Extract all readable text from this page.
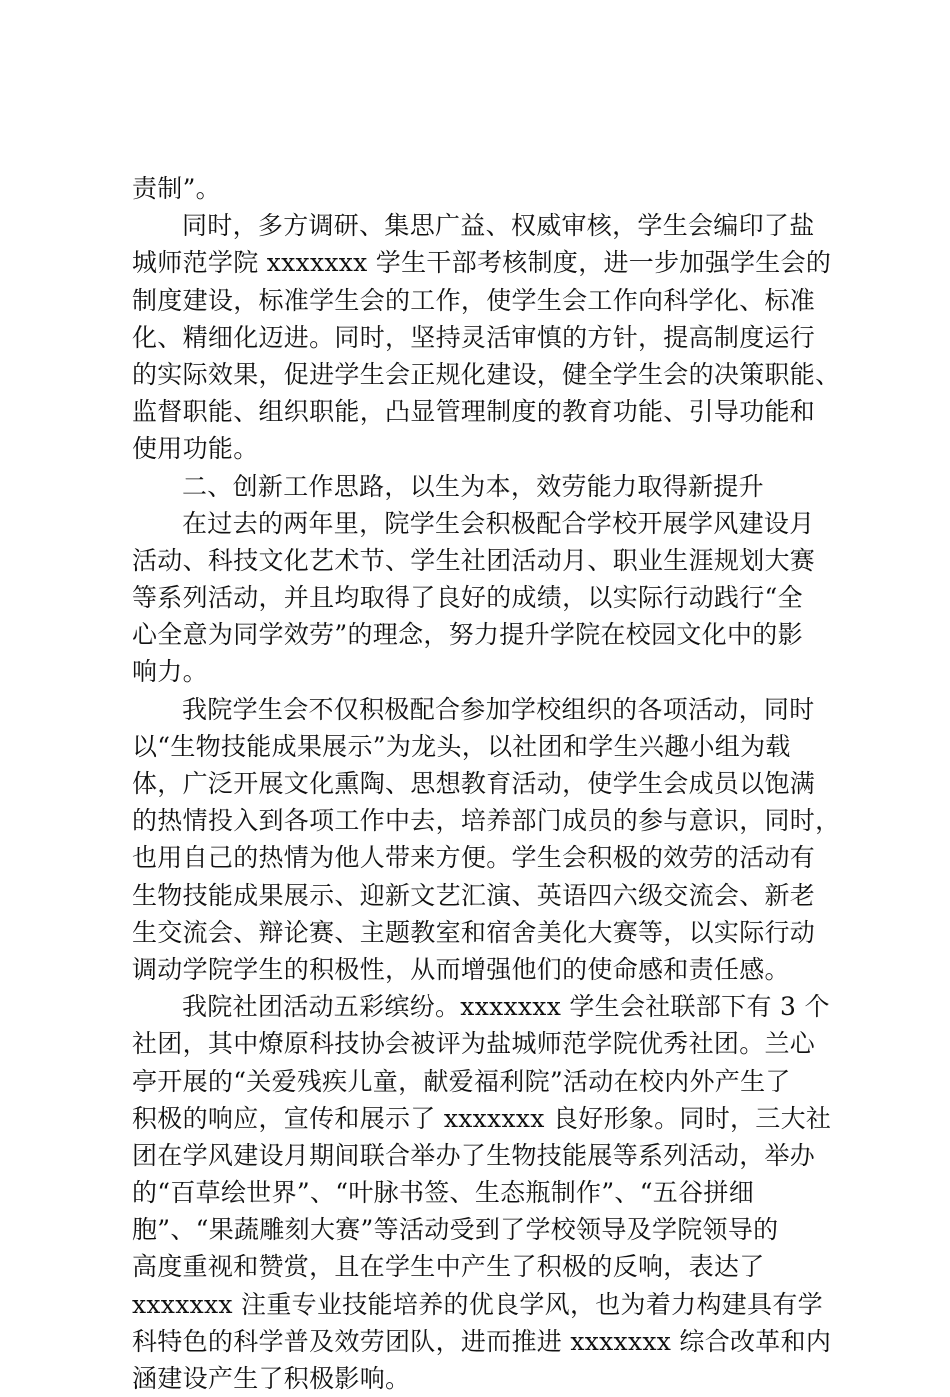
责制”。
同时，多方调研、集思广益、权威审核，学生会编印了盐
城师范学院 xxxxxxx 学生干部考核制度，进一步加强学生会的
制度建设，标准学生会的工作，使学生会工作向科学化、标准
化、精细化迈进。同时，坚持灵活审慎的方针，提高制度运行
的实际效果，促进学生会正规化建设，健全学生会的决策职能、
监督职能、组织职能，凸显管理制度的教育功能、引导功能和
使用功能。
二、创新工作思路，以生为本，效劳能力取得新提升
在过去的两年里，院学生会积极配合学校开展学风建设月
活动、科技文化艺术节、学生社团活动月、职业生涯规划大赛
等系列活动，并且均取得了良好的成绩，以实际行动践行“全
心全意为同学效劳”的理念，努力提升学院在校园文化中的影
响力。
我院学生会不仅积极配合参加学校组织的各项活动，同时
以“生物技能成果展示”为龙头，以社团和学生兴趣小组为载
体，广泛开展文化熏陶、思想教育活动，使学生会成员以饱满
的热情投入到各项工作中去，培养部门成员的参与意识，同时，
也用自己的热情为他人带来方便。学生会积极的效劳的活动有
生物技能成果展示、迎新文艺汇演、英语四六级交流会、新老
生交流会、辩论赛、主题教室和宿舍美化大赛等，以实际行动
调动学院学生的积极性，从而增强他们的使命感和责任感。
我院社团活动五彩缤纷。xxxxxxx 学生会社联部下有 3 个
社团，其中燎原科技协会被评为盐城师范学院优秀社团。兰心
亭开展的“关爱残疾儿童，献爱福利院”活动在校内外产生了
积极的响应，宣传和展示了 xxxxxxx 良好形象。同时，三大社
团在学风建设月期间联合举办了生物技能展等系列活动，举办
的“百草绘世界”、“叶脉书签、生态瓶制作”、“五谷拼细
胞”、“果蔬雕刻大赛”等活动受到了学校领导及学院领导的
高度重视和赞赏，且在学生中产生了积极的反响，表达了
xxxxxxx 注重专业技能培养的优良学风，也为着力构建具有学
科特色的科学普及效劳团队，进而推进 xxxxxxx 综合改革和内
涵建设产生了积极影响。
